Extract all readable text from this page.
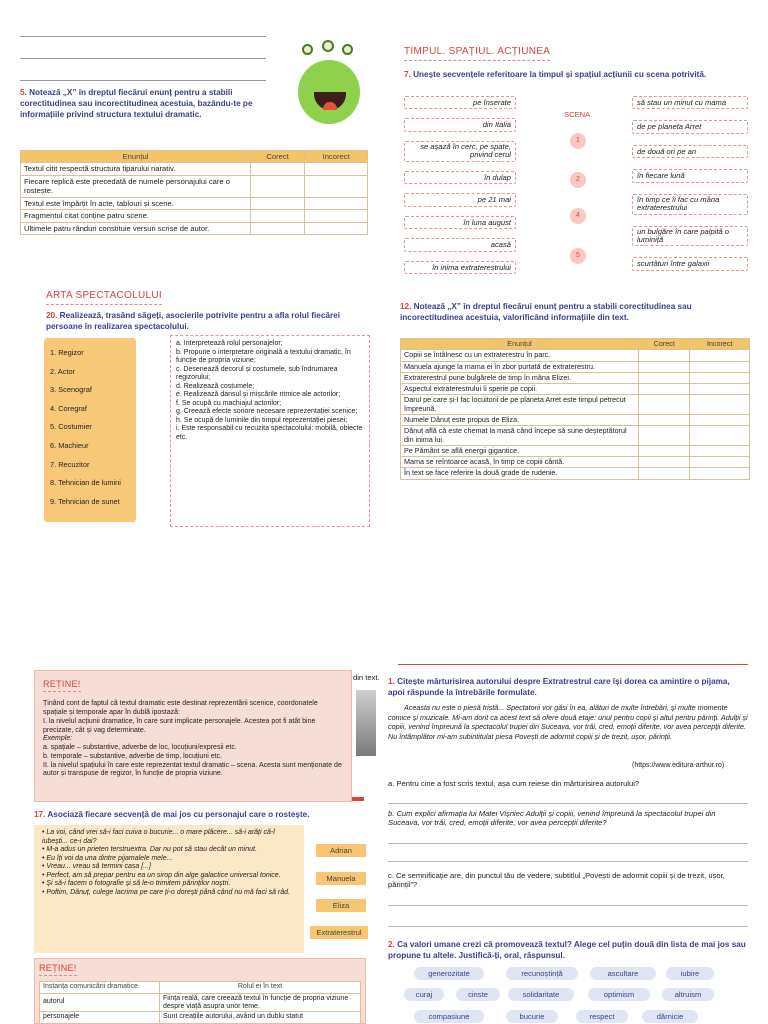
5. Notează „X” în dreptul fiecărui enunț pentru a stabili corectitudinea sau incorectitudinea acestuia, bazându-te pe informațiile privind structura textului dramatic.
Enunțul	Corect	Incorect
Textul citit respectă structura tiparului narativ.		
Fiecare replică este precedată de numele personajului care o rostește.		
Textul este împărțit în acte, tablouri și scene.		
Fragmentul citat conține patru scene.		
Ultimele patru rânduri constituie versuri scrise de autor.		
TIMPUL. SPAȚIUL. ACȚIUNEA
7. Unește secvențele referitoare la timpul și spațiul acțiunii cu scena potrivită.
SCENA
pe înserate
din Italia
se așază în cerc, pe spate, privind cerul
în dulap
pe 21 mai
în luna august
acasă
în inima extraterestrului
1
2
4
5
să stau un minut cu mama
de pe planeta Arret
de două ori pe an
în fiecare lună
în timp ce îi fac cu mâna extraterestrului
un bulgăre în care palpită o luminiță
scurtături între galaxii
ARTA SPECTACOLULUI
20. Realizează, trasând săgeți, asocierile potrivite pentru a afla rolul fiecărei persoane în realizarea spectacolului.
1. Regizor
2. Actor
3. Scenograf
4. Coregraf
5. Costumier
6. Machieur
7. Recuzitor
8. Tehnician de lumini
9. Tehnician de sunet
a. Interpretează rolul personajelor;
b. Propune o interpretare originală a textului dramatic, în funcție de propria viziune;
c. Desenează decorul și costumele, sub îndrumarea regizorului;
d. Realizează costumele;
e. Realizează dansul și mișcările ritmice ale actorilor;
f. Se ocupă cu machiajul actorilor;
g. Creează efecte sonore necesare reprezentației scenice;
h. Se ocupă de luminile din timpul reprezentației piesei;
i. Este responsabil cu recuzita spectacolului: mobilă, obiecte etc.
12. Notează „X” în dreptul fiecărui enunț pentru a stabili corectitudinea sau incorectitudinea acestuia, valorificând informațiile din text.
Enunțul	Corect	Incorect
Copiii se întâlnesc cu un extraterestru în parc.		
Manuela ajunge la mama ei în zbor purtată de extraterestru.		
Extraterestrul pune bulgărele de timp în mâna Elizei.		
Aspectul extraterestrului îi sperie pe copii.		
Darul pe care și-l fac locuitorii de pe planeta Arret este timpul petrecut împreună.		
Numele Dănuț este propus de Eliza.		
Dănuț află că este chemat la masă când începe să sune deșteptătorul din inima lui.		
Pe Pământ se află energii gigantice.		
Mama se reîntoarce acasă, în timp ce copiii cântă.		
În text se face referire la două grade de rudenie.		
REȚINE!
Ținând cont de faptul că textul dramatic este destinat reprezentării scenice, coordonatele spațiale și temporale apar în dublă ipostază:
I. la nivelul acțiunii dramatice, în care sunt implicate personajele. Acestea pot fi atât bine precizate, cât și vag determinate.
Exemple:
a. spațiale – substantive, adverbe de loc, locuțiuni/expresii etc.
b. temporale – substantive, adverbe de timp, locuțiuni etc.
II. la nivelul spațiului în care este reprezentat textul dramatic – scena. Acesta sunt menționate de autor și transpuse de regizor, în funcție de propria viziune.
din text.
17. Asociază fiecare secvență de mai jos cu personajul care o rostește.
• La voi, când vrei să-i faci cuiva o bucurie... o mare plăcere... să-i arăți că-l iubești... ce-i dai?
• M-a adus un prieten terstruextra. Dar nu pot să stau decât un minut.
• Eu îți voi da una dintre pijamalele mele...
• Vreau... vreau să termini casa [...]
• Perfect, am să prepar pentru ea un sirop din alge galactice universal tonice.
• Și să-i facem o fotografie și să le-o trimitem părinților noștri.
• Poftim, Dănuț, culege lacrima pe care ți-o dorești până când nu mă faci să râd.
Adrian
Manuela
Eliza
Extraterestrul
REȚINE!
Instanța comunicării dramatice	Rolul ei în text
autorul	Ființa reală, care creează textul în funcție de propria viziune despre viață asupra unor teme.
personajele	Sunt creațiile autorului, având un dublu statut
1. Citește mărturisirea autorului despre Extratrestrul care își dorea ca amintire o pijama, apoi răspunde la întrebările formulate.
Aceasta nu este o piesă tristă... Spectatorii vor găsi în ea, alături de multe întrebări, și multe momente comice și muzicale. Mi-am dorit ca acest text să ofere două etaje: unul pentru copii și altul pentru părinți. Adulții și copiii, venind împreună la spectacolul trupei din Suceava, vor trăi, cred, emoții diferite, vor avea percepții diferite. Nu întâmplător mi-am subintitulat piesa Povești de adormit copiii și de trezit, ușor, părinții.
(https://www.editura-arthur.ro)
a. Pentru cine a fost scris textul, așa cum reiese din mărturisirea autorului?
b. Cum explici afirmația lui Matei Vișniec Adulții și copiii, venind împreună la spectacolul trupei din Suceava, vor trăi, cred, emoții diferite, vor avea percepții diferite?
c. Ce semnificație are, din punctul tău de vedere, subtitlul „Povești de adormit copiii și de trezit, ușor, părinții”?
2. Ca valori umane crezi că promovează textul? Alege cel puțin două din lista de mai jos sau propune tu altele. Justifică-ți, oral, răspunsul.
generozitate	recunoștință	ascultare	iubire
curaj	cinste	solidaritate	optimism	altruism
compasiune	bucurie	respect	dărnicie
